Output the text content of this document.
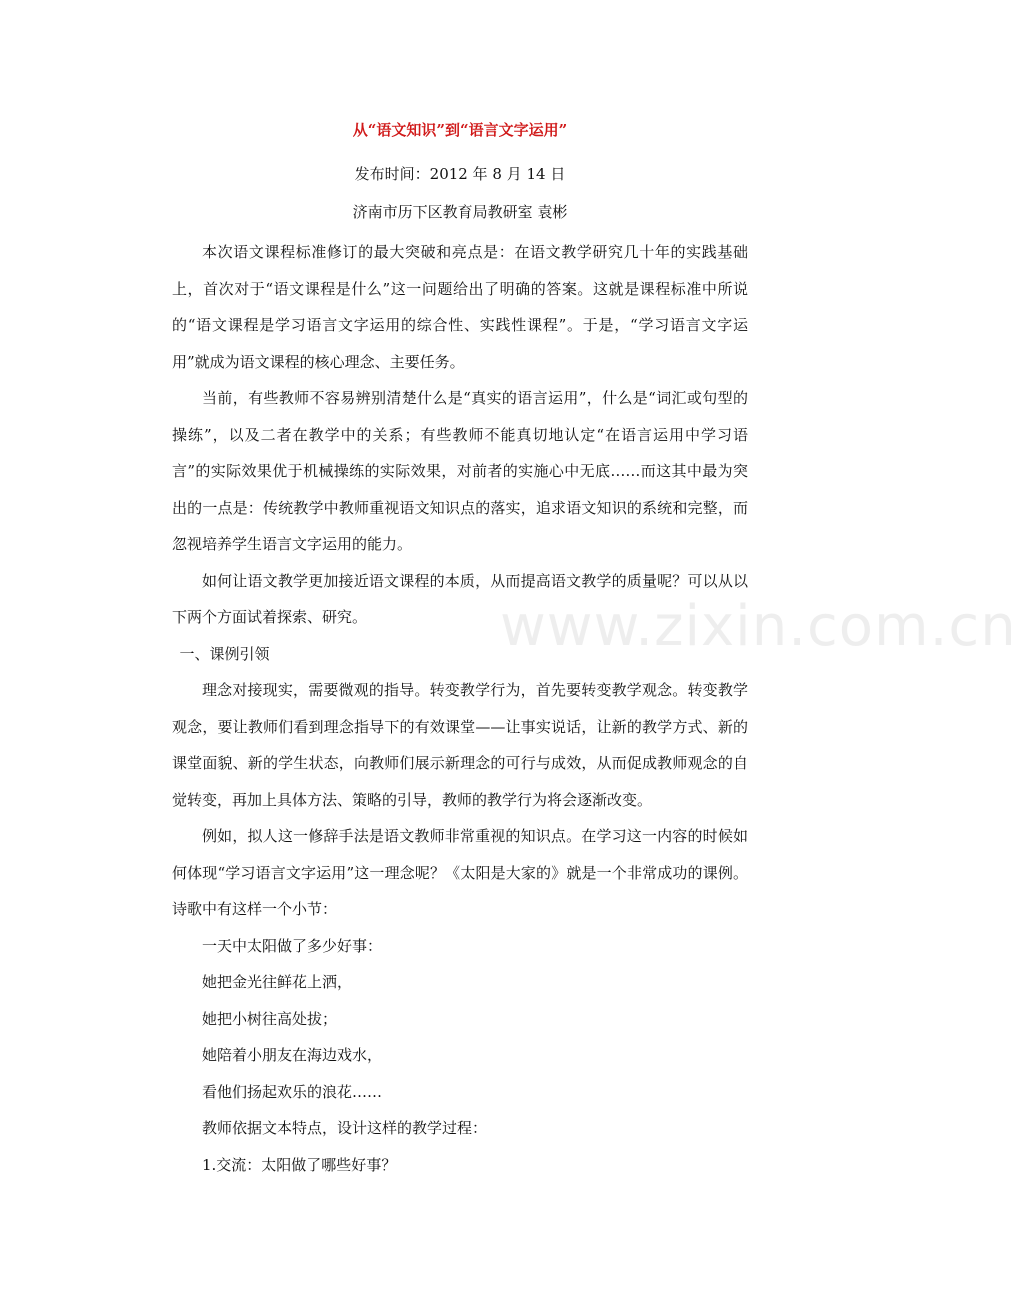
从“语文知识”到“语言文字运用”
发布时间：2012 年 8 月 14 日
济南市历下区教育局教研室 袁彬

本次语文课程标准修订的最大突破和亮点是：在语文教学研究几十年的实践基础上，首次对于“语文课程是什么”这一问题给出了明确的答案。这就是课程标准中所说的“语文课程是学习语言文字运用的综合性、实践性课程”。于是，“学习语言文字运用”就成为语文课程的核心理念、主要任务。

当前，有些教师不容易辨别清楚什么是“真实的语言运用”，什么是“词汇或句型的操练”，以及二者在教学中的关系；有些教师不能真切地认定“在语言运用中学习语言”的实际效果优于机械操练的实际效果，对前者的实施心中无底……而这其中最为突出的一点是：传统教学中教师重视语文知识点的落实，追求语文知识的系统和完整，而忽视培养学生语言文字运用的能力。

如何让语文教学更加接近语文课程的本质，从而提高语文教学的质量呢？可以从以下两个方面试着探索、研究。

一、课例引领

理念对接现实，需要微观的指导。转变教学行为，首先要转变教学观念。转变教学观念，要让教师们看到理念指导下的有效课堂——让事实说话，让新的教学方式、新的课堂面貌、新的学生状态，向教师们展示新理念的可行与成效，从而促成教师观念的自觉转变，再加上具体方法、策略的引导，教师的教学行为将会逐渐改变。

例如，拟人这一修辞手法是语文教师非常重视的知识点。在学习这一内容的时候如何体现“学习语言文字运用”这一理念呢？《太阳是大家的》就是一个非常成功的课例。诗歌中有这样一个小节：

一天中太阳做了多少好事：

她把金光往鲜花上洒，

她把小树往高处拔；

她陪着小朋友在海边戏水，

看他们扬起欢乐的浪花……

教师依据文本特点，设计这样的教学过程：

1.交流：太阳做了哪些好事？

www.zixin.com.cn
